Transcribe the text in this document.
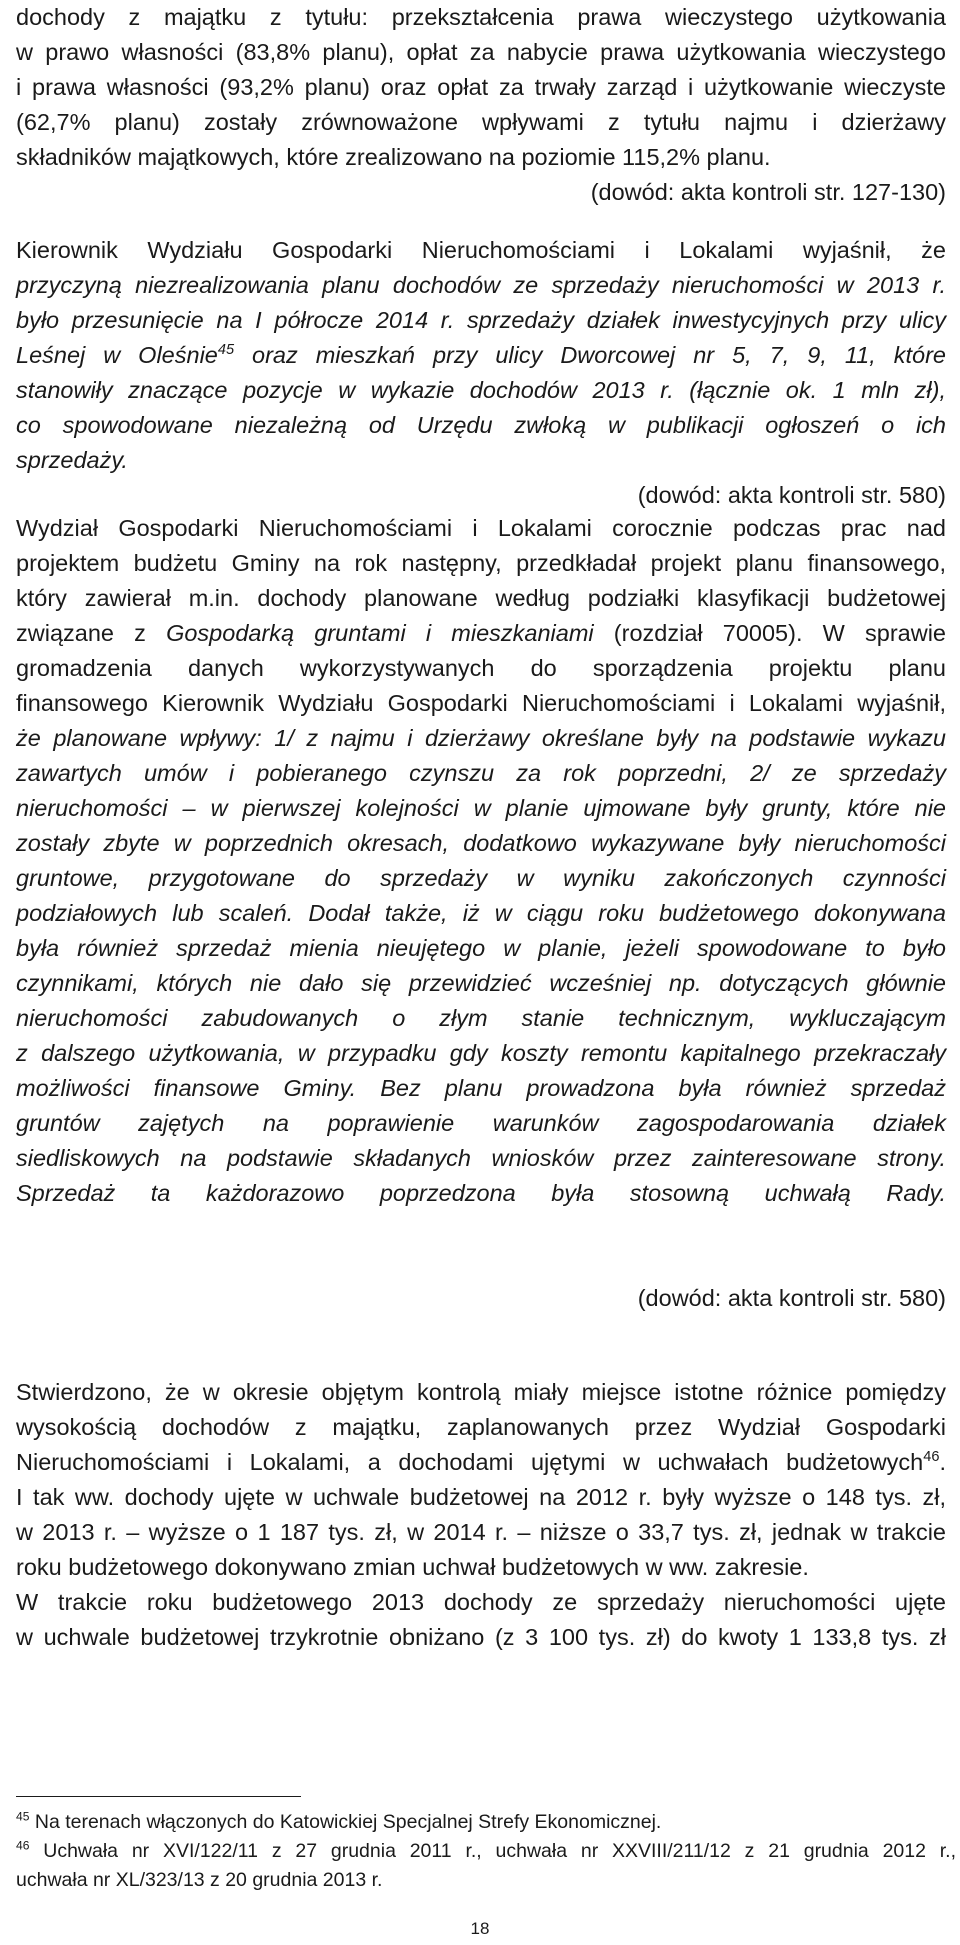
dochody z majątku z tytułu: przekształcenia prawa wieczystego użytkowania
w prawo własności (83,8% planu), opłat za nabycie prawa użytkowania wieczystego
i prawa własności (93,2% planu) oraz opłat za trwały zarząd i użytkowanie wieczyste
(62,7% planu) zostały zrównoważone wpływami z tytułu najmu i dzierżawy
składników majątkowych, które zrealizowano na poziomie 115,2% planu.
(dowód: akta kontroli str. 127-130)
Kierownik Wydziału Gospodarki Nieruchomościami i Lokalami wyjaśnił, że
przyczyną niezrealizowania planu dochodów ze sprzedaży nieruchomości w 2013 r.
było przesunięcie na I półrocze 2014 r. sprzedaży działek inwestycyjnych przy ulicy
Leśnej w Oleśnie$^{45}$ oraz mieszkań przy ulicy Dworcowej nr 5, 7, 9, 11, które
stanowiły znaczące pozycje w wykazie dochodów 2013 r. (łącznie ok. 1 mln zł),
co spowodowane niezależną od Urzędu zwłoką w publikacji ogłoszeń o ich
sprzedaży.
(dowód: akta kontroli str. 580)
Wydział Gospodarki Nieruchomościami i Lokalami corocznie podczas prac nad
projektem budżetu Gminy na rok następny, przedkładał projekt planu finansowego,
który zawierał m.in. dochody planowane według podziałki klasyfikacji budżetowej
związane z Gospodarką gruntami i mieszkaniami (rozdział 70005). W sprawie
gromadzenia danych wykorzystywanych do sporządzenia projektu planu
finansowego Kierownik Wydziału Gospodarki Nieruchomościami i Lokalami wyjaśnił,
że planowane wpływy: 1/ z najmu i dzierżawy określane były na podstawie wykazu
zawartych umów i pobieranego czynszu za rok poprzedni, 2/ ze sprzedaży
nieruchomości – w pierwszej kolejności w planie ujmowane były grunty, które nie
zostały zbyte w poprzednich okresach, dodatkowo wykazywane były nieruchomości
gruntowe, przygotowane do sprzedaży w wyniku zakończonych czynności
podziałowych lub scaleń. Dodał także, iż w ciągu roku budżetowego dokonywana
była również sprzedaż mienia nieujętego w planie, jeżeli spowodowane to było
czynnikami, których nie dało się przewidzieć wcześniej np. dotyczących głównie
nieruchomości zabudowanych o złym stanie technicznym, wykluczającym
z dalszego użytkowania, w przypadku gdy koszty remontu kapitalnego przekraczały
możliwości finansowe Gminy. Bez planu prowadzona była również sprzedaż
gruntów zajętych na poprawienie warunków zagospodarowania działek
siedliskowych na podstawie składanych wniosków przez zainteresowane strony.
Sprzedaż ta każdorazowo poprzedzona była stosowną uchwałą Rady.
(dowód: akta kontroli str. 580)
Stwierdzono, że w okresie objętym kontrolą miały miejsce istotne różnice pomiędzy
wysokością dochodów z majątku, zaplanowanych przez Wydział Gospodarki
Nieruchomościami i Lokalami, a dochodami ujętymi w uchwałach budżetowych$^{46}$.
I tak ww. dochody ujęte w uchwale budżetowej na 2012 r. były wyższe o 148 tys. zł,
w 2013 r. – wyższe o 1 187 tys. zł, w 2014 r. – niższe o 33,7 tys. zł, jednak w trakcie
roku budżetowego dokonywano zmian uchwał budżetowych w ww. zakresie.
W trakcie roku budżetowego 2013 dochody ze sprzedaży nieruchomości ujęte
w uchwale budżetowej trzykrotnie obniżano (z 3 100 tys. zł) do kwoty 1 133,8 tys. zł
$^{45}$ Na terenach włączonych do Katowickiej Specjalnej Strefy Ekonomicznej.
$^{46}$ Uchwała nr XVI/122/11 z 27 grudnia 2011 r., uchwała nr XXVIII/211/12 z 21 grudnia 2012 r.,
uchwała nr XL/323/13 z 20 grudnia 2013 r.
18
